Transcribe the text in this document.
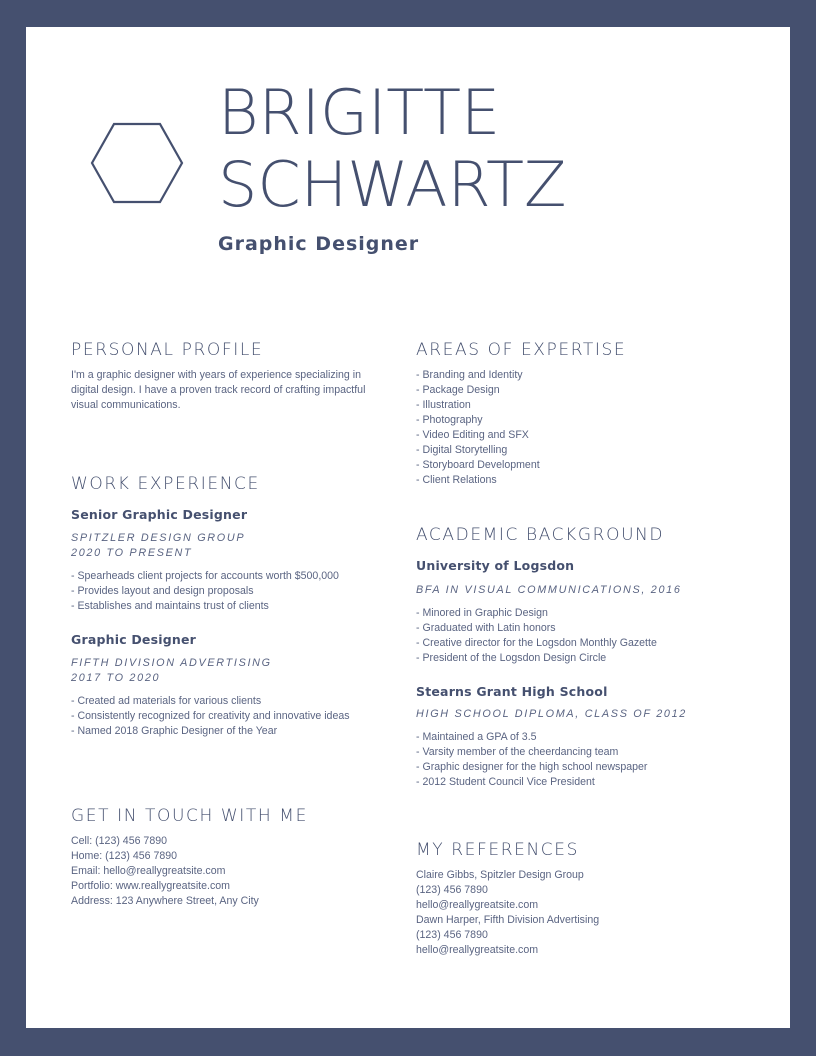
BRIGITTE
SCHWARTZ
Graphic Designer
PERSONAL PROFILE

I'm a graphic designer with years of experience specializing in

digital design. I have a proven track record of crafting impactful

visual communications.

WORK EXPERIENCE

Senior Graphic Designer

SPITZLER DESIGN GROUP

2020 TO PRESENT

- Spearheads client projects for accounts worth $500,000
- Provides layout and design proposals
- Establishes and maintains trust of clients

Graphic Designer

FIFTH DIVISION ADVERTISING

2017 TO 2020

- Created ad materials for various clients
- Consistently recognized for creativity and innovative ideas
- Named 2018 Graphic Designer of the Year
GET IN TOUCH WITH ME
Cell: (123) 456 7890
Home: (123) 456 7890
Email: hello@reallygreatsite.com
Portfolio: www.reallygreatsite.com
Address: 123 Anywhere Street, Any City
AREAS OF EXPERTISE
- Branding and Identity
- Package Design
- Illustration
- Photography
- Video Editing and SFX
- Digital Storytelling
- Storyboard Development
- Client Relations
ACADEMIC BACKGROUND

University of Logsdon

BFA IN VISUAL COMMUNICATIONS, 2016

- Minored in Graphic Design
- Graduated with Latin honors
- Creative director for the Logsdon Monthly Gazette
- President of the Logsdon Design Circle

Stearns Grant High School

HIGH SCHOOL DIPLOMA, CLASS OF 2012

- Maintained a GPA of 3.5
- Varsity member of the cheerdancing team
- Graphic designer for the high school newspaper
- 2012 Student Council Vice President
MY REFERENCES
Claire Gibbs, Spitzler Design Group
(123) 456 7890
hello@reallygreatsite.com
Dawn Harper, Fifth Division Advertising
(123) 456 7890
hello@reallygreatsite.com
